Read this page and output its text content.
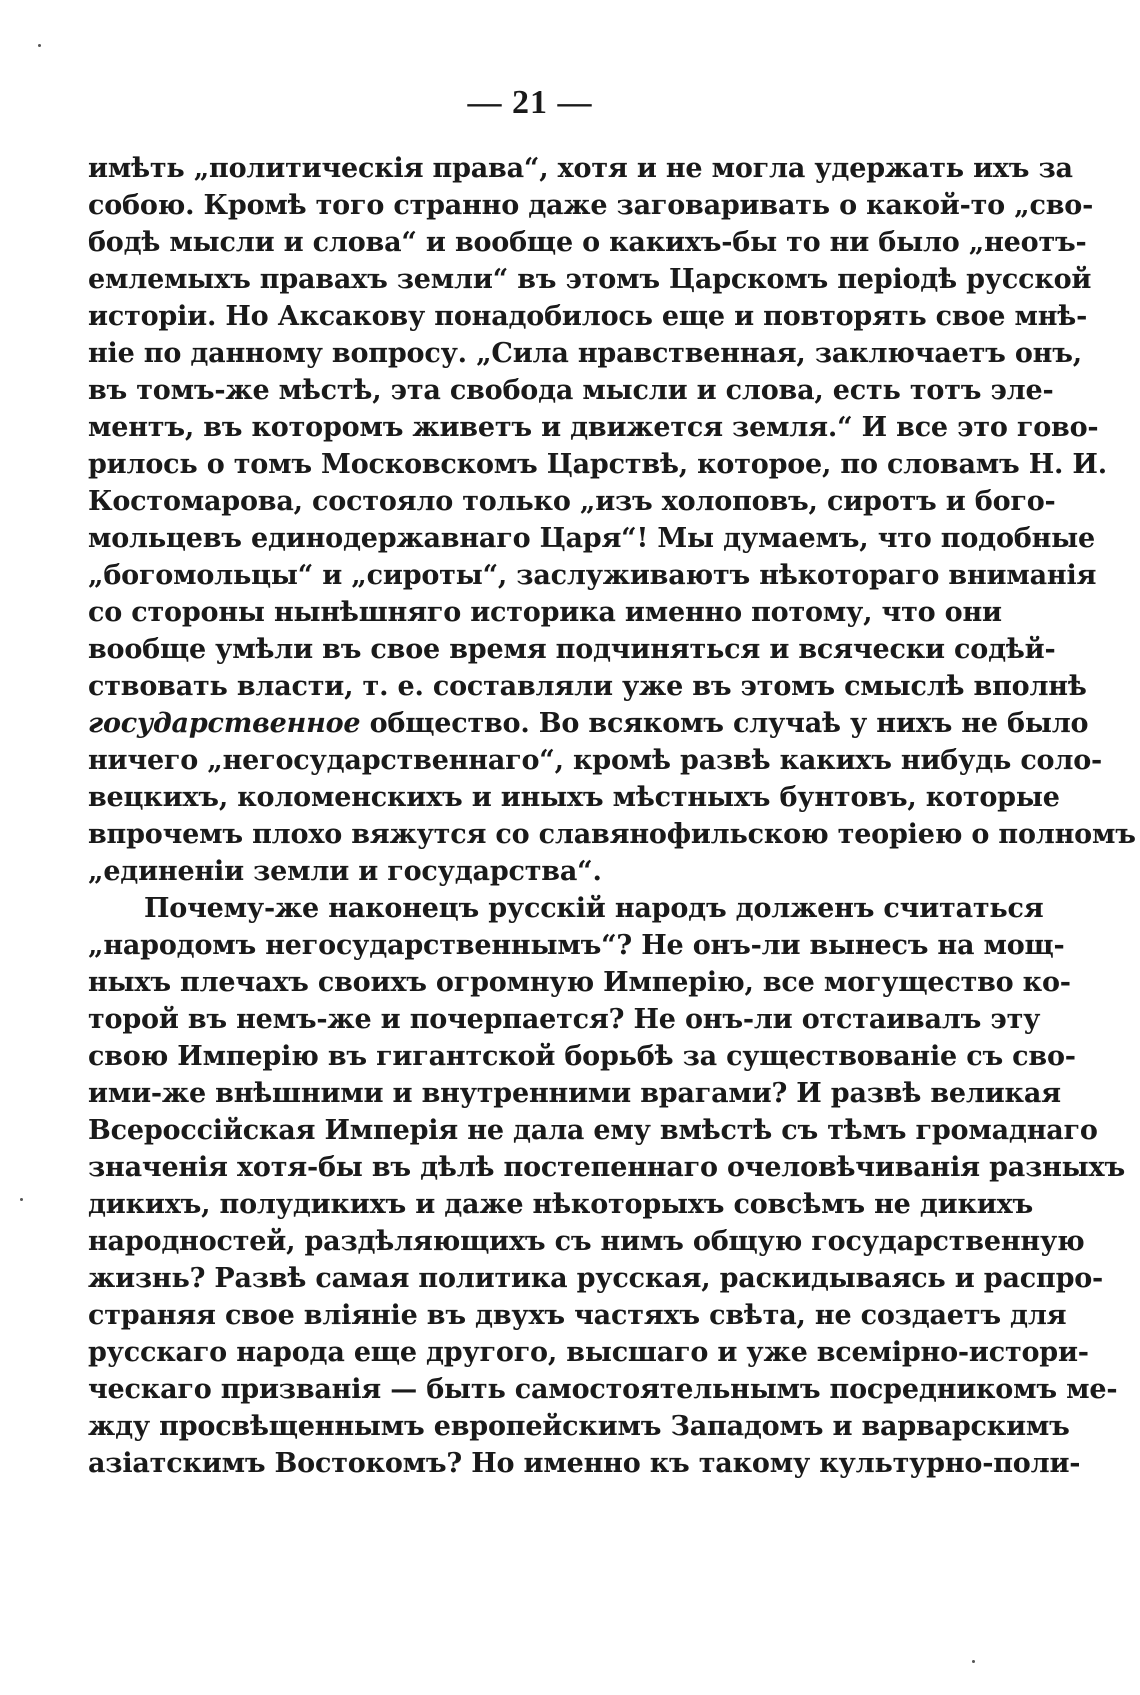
— 21 —
имѣть „политическія права“, хотя и не могла удержать ихъ за
собою. Кромѣ того странно даже заговаривать о какой-то „сво-
бодѣ мысли и слова“ и вообще о какихъ-бы то ни было „неотъ-
емлемыхъ правахъ земли“ въ этомъ Царскомъ періодѣ русской
исторіи. Но Аксакову понадобилось еще и повторять свое мнѣ-
ніе по данному вопросу. „Сила нравственная, заключаетъ онъ,
въ томъ-же мѣстѣ, эта свобода мысли и слова, есть тотъ эле-
ментъ, въ которомъ живетъ и движется земля.“ И все это гово-
рилось о томъ Московскомъ Царствѣ, которое, по словамъ Н. И.
Костомарова, состояло только „изъ холоповъ, сиротъ и бого-
мольцевъ единодержавнаго Царя“! Мы думаемъ, что подобные
„богомольцы“ и „сироты“, заслуживаютъ нѣкотораго вниманія
со стороны нынѣшняго историка именно потому, что они
вообще умѣли въ свое время подчиняться и всячески содѣй-
ствовать власти, т. е. составляли уже въ этомъ смыслѣ вполнѣ
государственное общество. Во всякомъ случаѣ у нихъ не было
ничего „негосударственнаго“, кромѣ развѣ какихъ нибудь соло-
вецкихъ, коломенскихъ и иныхъ мѣстныхъ бунтовъ, которые
впрочемъ плохо вяжутся со славянофильскою теоріею о полномъ
„единеніи земли и государства“.
Почему-же наконецъ русскій народъ долженъ считаться
„народомъ негосударственнымъ“? Не онъ-ли вынесъ на мощ-
ныхъ плечахъ своихъ огромную Имперію, все могущество ко-
торой въ немъ-же и почерпается? Не онъ-ли отстаивалъ эту
свою Имперію въ гигантской борьбѣ за существованіе съ сво-
ими-же внѣшними и внутренними врагами? И развѣ великая
Всероссійская Имперія не дала ему вмѣстѣ съ тѣмъ громаднаго
значенія хотя-бы въ дѣлѣ постепеннаго очеловѣчиванія разныхъ
дикихъ, полудикихъ и даже нѣкоторыхъ совсѣмъ не дикихъ
народностей, раздѣляющихъ съ нимъ общую государственную
жизнь? Развѣ самая политика русская, раскидываясь и распро-
страняя свое вліяніе въ двухъ частяхъ свѣта, не создаетъ для
русскаго народа еще другого, высшаго и уже всемірно-истори-
ческаго призванія — быть самостоятельнымъ посредникомъ ме-
жду просвѣщеннымъ европейскимъ Западомъ и варварскимъ
азіатскимъ Востокомъ? Но именно къ такому культурно-поли-
